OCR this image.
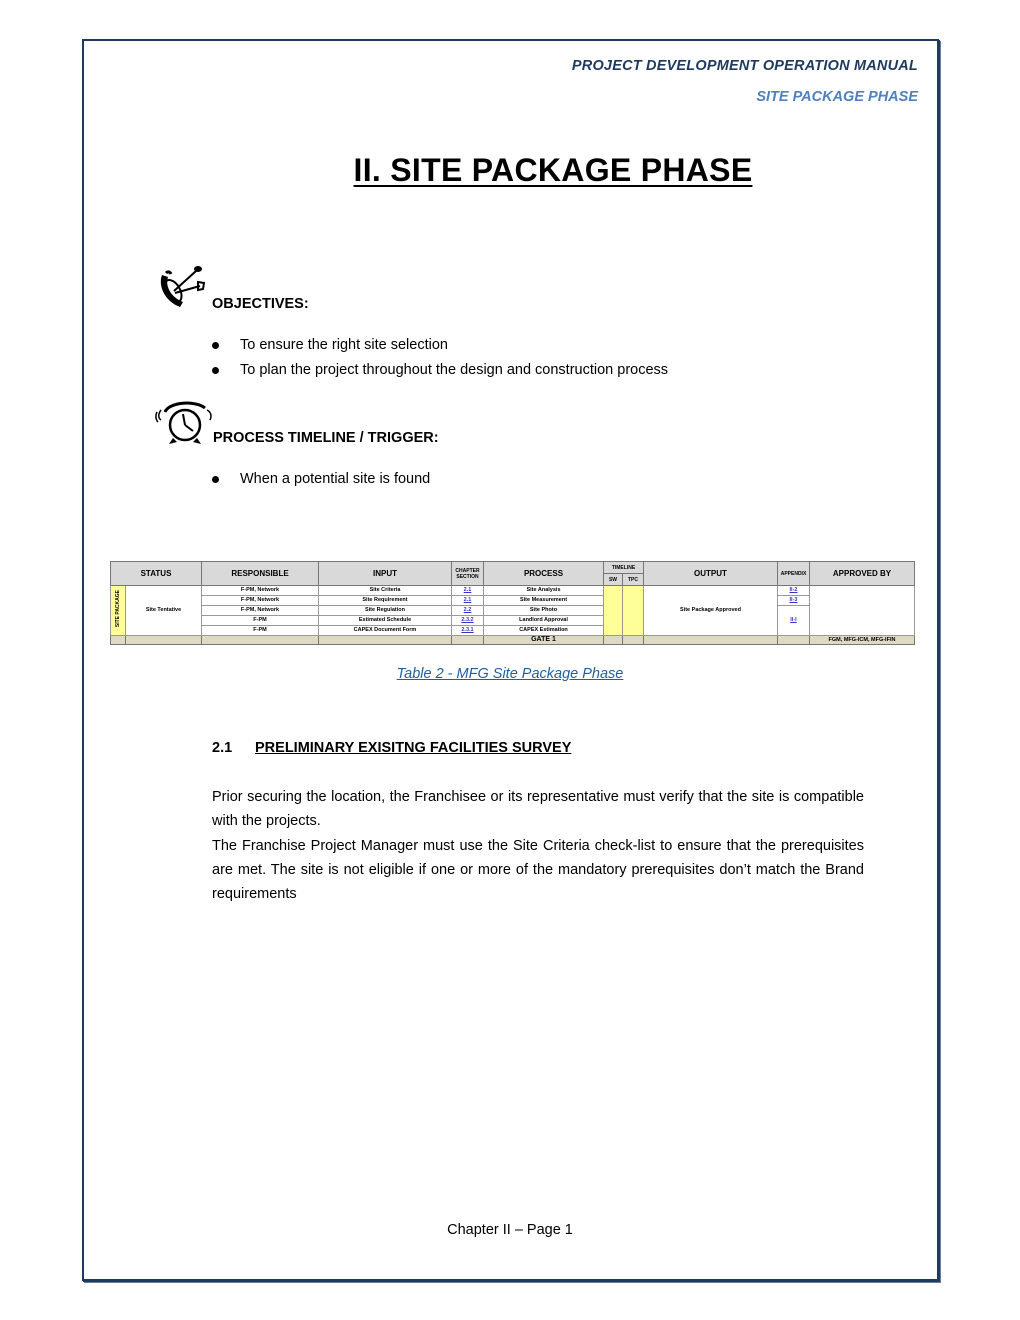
PROJECT DEVELOPMENT OPERATION MANUAL
SITE PACKAGE PHASE
II. SITE PACKAGE PHASE
OBJECTIVES:
To ensure the right site selection
To plan the project throughout the design and construction process
PROCESS TIMELINE / TRIGGER:
When a potential site is found
STATUS		RESPONSIBLE	INPUT	CHAPTER SECTION	PROCESS	TIMELINE		OUTPUT	APPENDIX	APPROVED BY
						SW	TPC			
SITE PACKAGE	Site Tentative	F-PM, Network	Site Criteria	2.1	Site Analysis			Site Package Approved	II-2	
		F-PM, Network	Site Requirement	2.1	Site Measurement				II-3	
		F-PM, Network	Site Regulation	2.2	Site Photo				II-I	
		F-PM	Estimated Schedule	2.3.2	Landlord Approval					
		F-PM	CAPEX Document Form	2.3.1	CAPEX Estimation					
					GATE 1					FGM, MFG-ICM, MFG-IFIN
Table 2 - MFG Site Package Phase
2.1 PRELIMINARY EXISITNG FACILITIES SURVEY

Prior securing the location, the Franchisee or its representative must verify that the site is compatible with the projects.

The Franchise Project Manager must use the Site Criteria check-list to ensure that the prerequisites are met. The site is not eligible if one or more of the mandatory prerequisites don’t match the Brand requirements

Chapter II – Page 1
